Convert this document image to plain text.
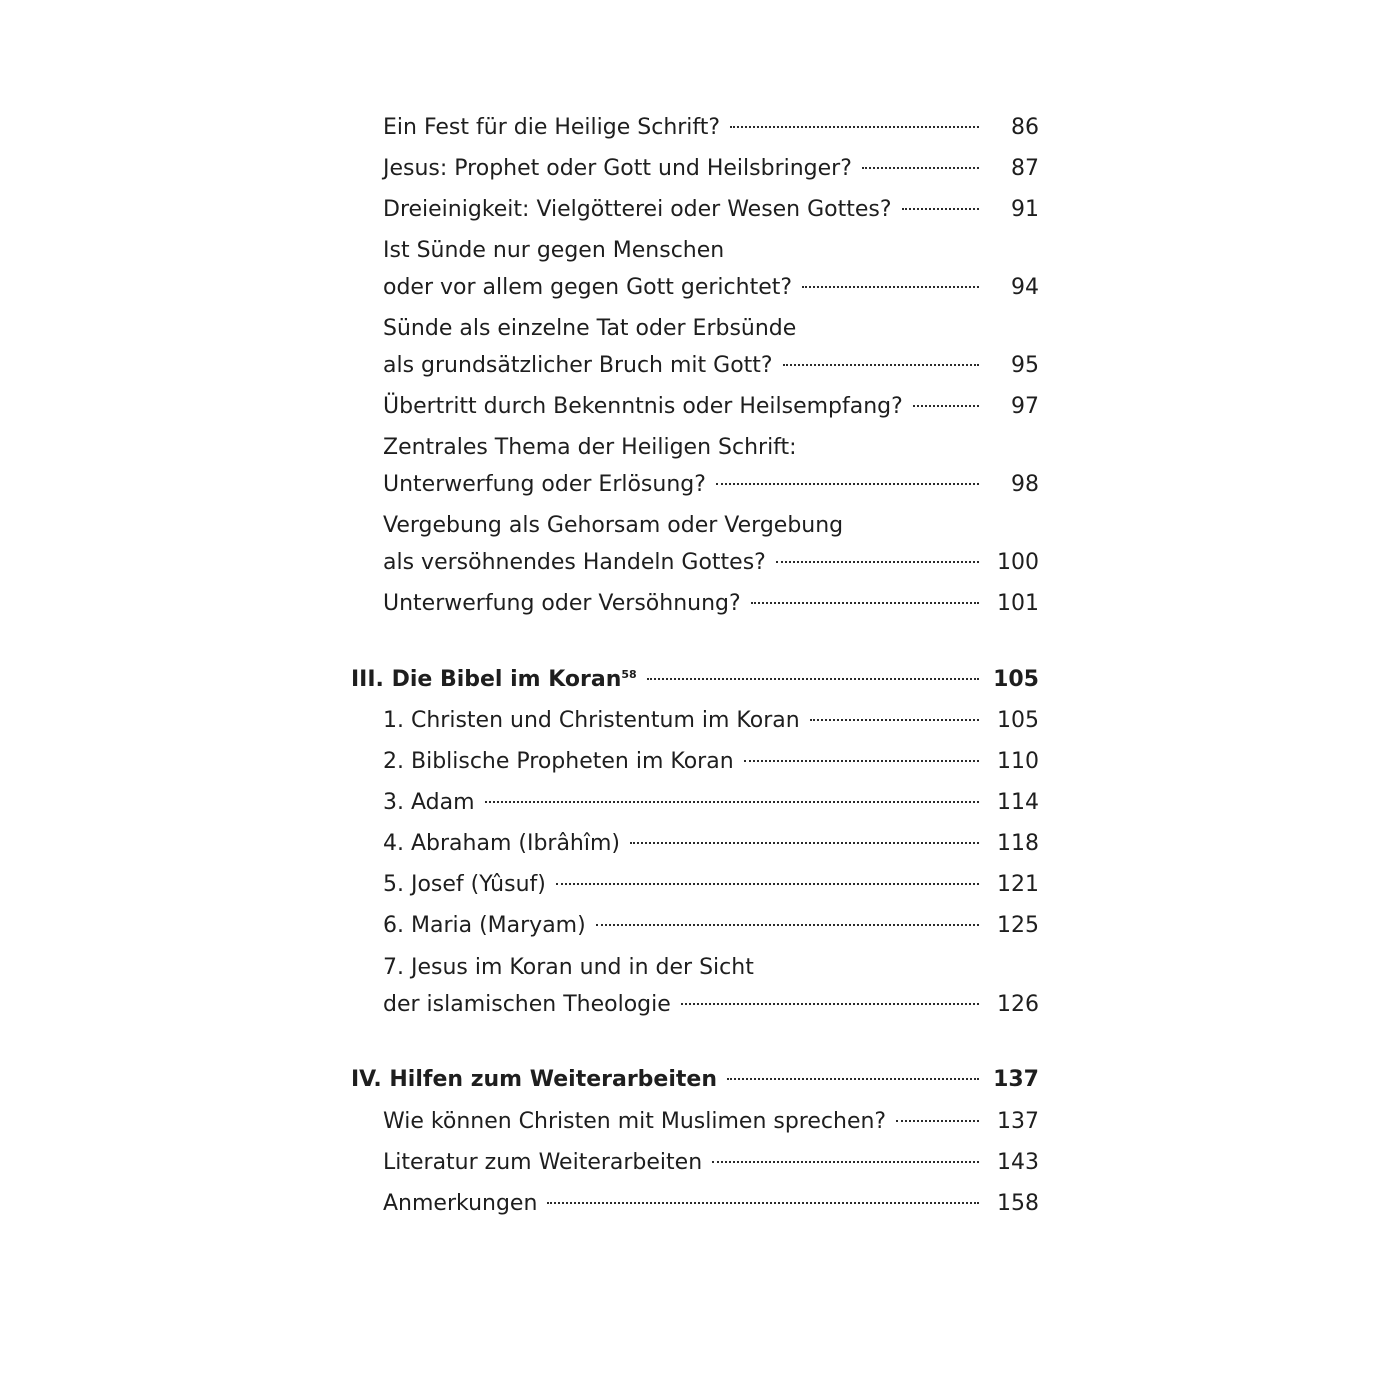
Ein Fest für die Heilige Schrift?	86
Jesus: Prophet oder Gott und Heilsbringer?	87
Dreieinigkeit: Vielgötterei oder Wesen Gottes?	91
Ist Sünde nur gegen Menschen
oder vor allem gegen Gott gerichtet?	94
Sünde als einzelne Tat oder Erbsünde
als grundsätzlicher Bruch mit Gott?	95
Übertritt durch Bekenntnis oder Heilsempfang?	97
Zentrales Thema der Heiligen Schrift:
Unterwerfung oder Erlösung?	98
Vergebung als Gehorsam oder Vergebung
als versöhnendes Handeln Gottes?	100
Unterwerfung oder Versöhnung?	101
III. Die Bibel im Koran$^{58}$	105
1. Christen und Christentum im Koran	105
2. Biblische Propheten im Koran	110
3. Adam	114
4. Abraham (Ibrâhîm)	118
5. Josef (Yûsuf)	121
6. Maria (Maryam)	125
7. Jesus im Koran und in der Sicht
der islamischen Theologie	126
IV. Hilfen zum Weiterarbeiten	137
Wie können Christen mit Muslimen sprechen?	137
Literatur zum Weiterarbeiten	143
Anmerkungen	158
